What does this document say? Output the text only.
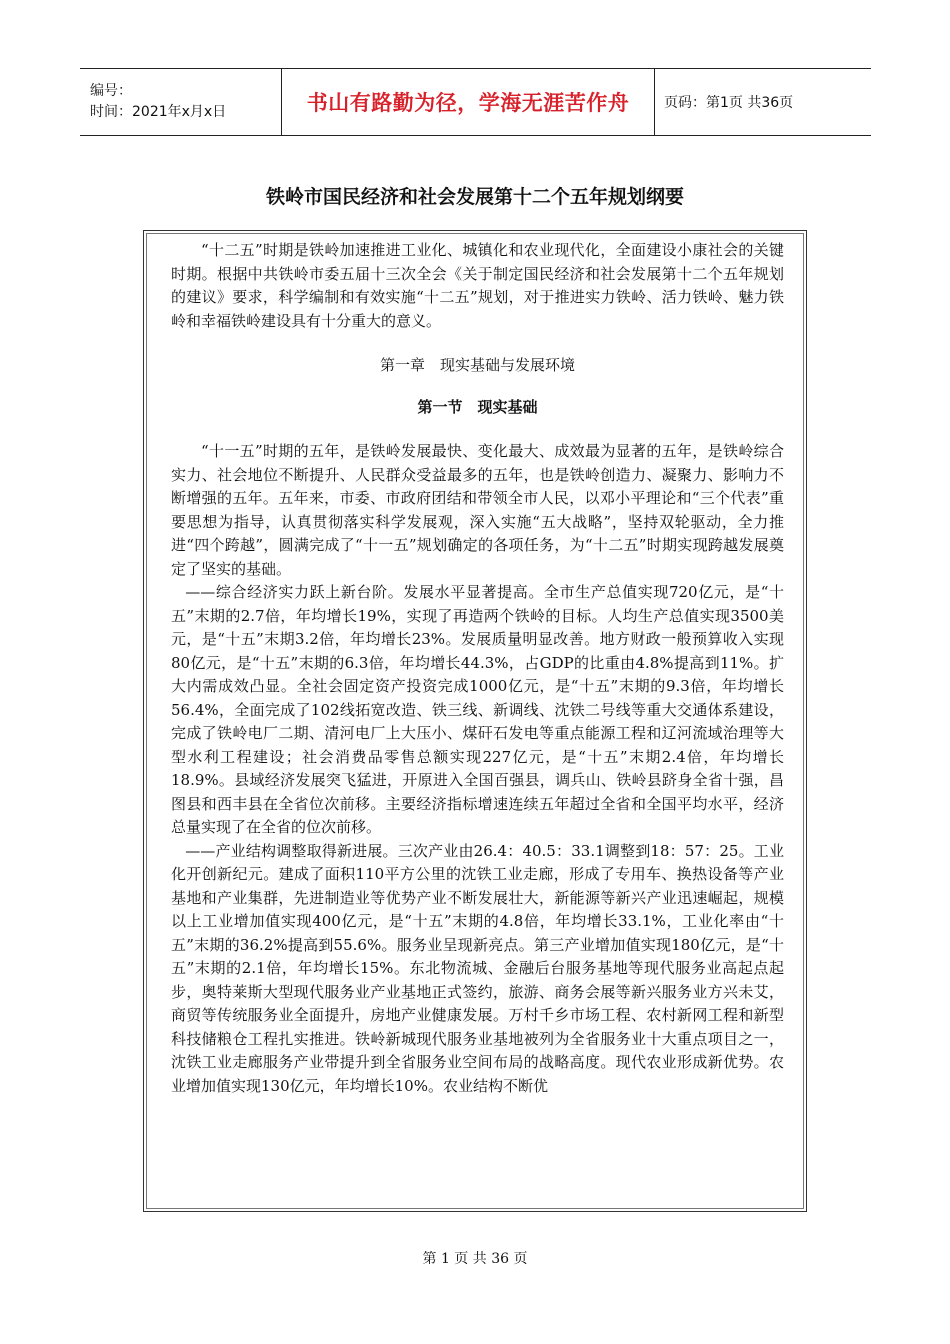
编号：
时间：2021年x月x日	书山有路勤为径，学海无涯苦作舟 页码：第1页 共36页
铁岭市国民经济和社会发展第十二个五年规划纲要

“十二五”时期是铁岭加速推进工业化、城镇化和农业现代化，全面建设小康社会的关键时期。根据中共铁岭市委五届十三次全会《关于制定国民经济和社会发展第十二个五年规划的建议》要求，科学编制和有效实施“十二五”规划，对于推进实力铁岭、活力铁岭、魅力铁岭和幸福铁岭建设具有十分重大的意义。

第一章　现实基础与发展环境
第一节　现实基础

“十一五”时期的五年，是铁岭发展最快、变化最大、成效最为显著的五年，是铁岭综合实力、社会地位不断提升、人民群众受益最多的五年，也是铁岭创造力、凝聚力、影响力不断增强的五年。五年来，市委、市政府团结和带领全市人民，以邓小平理论和“三个代表”重要思想为指导，认真贯彻落实科学发展观，深入实施“五大战略”，坚持双轮驱动，全力推进“四个跨越”，圆满完成了“十一五”规划确定的各项任务，为“十二五”时期实现跨越发展奠定了坚实的基础。

——综合经济实力跃上新台阶。发展水平显著提高。全市生产总值实现720亿元，是“十五”末期的2.7倍，年均增长19%，实现了再造两个铁岭的目标。人均生产总值实现3500美元，是“十五”末期3.2倍，年均增长23%。发展质量明显改善。地方财政一般预算收入实现80亿元，是“十五”末期的6.3倍，年均增长44.3%，占GDP的比重由4.8%提高到11%。扩大内需成效凸显。全社会固定资产投资完成1000亿元，是“十五”末期的9.3倍，年均增长56.4%，全面完成了102线拓宽改造、铁三线、新调线、沈铁二号线等重大交通体系建设，完成了铁岭电厂二期、清河电厂上大压小、煤矸石发电等重点能源工程和辽河流域治理等大型水利工程建设；社会消费品零售总额实现227亿元，是“十五”末期2.4倍，年均增长18.9%。县域经济发展突飞猛进，开原进入全国百强县，调兵山、铁岭县跻身全省十强，昌图县和西丰县在全省位次前移。主要经济指标增速连续五年超过全省和全国平均水平，经济总量实现了在全省的位次前移。

——产业结构调整取得新进展。三次产业由26.4：40.5：33.1调整到18：57：25。工业化开创新纪元。建成了面积110平方公里的沈铁工业走廊，形成了专用车、换热设备等产业基地和产业集群，先进制造业等优势产业不断发展壮大，新能源等新兴产业迅速崛起，规模以上工业增加值实现400亿元，是“十五”末期的4.8倍，年均增长33.1%，工业化率由“十五”末期的36.2%提高到55.6%。服务业呈现新亮点。第三产业增加值实现180亿元，是“十五”末期的2.1倍，年均增长15%。东北物流城、金融后台服务基地等现代服务业高起点起步，奥特莱斯大型现代服务业产业基地正式签约，旅游、商务会展等新兴服务业方兴未艾，商贸等传统服务业全面提升，房地产业健康发展。万村千乡市场工程、农村新网工程和新型科技储粮仓工程扎实推进。铁岭新城现代服务业基地被列为全省服务业十大重点项目之一，沈铁工业走廊服务产业带提升到全省服务业空间布局的战略高度。现代农业形成新优势。农业增加值实现130亿元，年均增长10%。农业结构不断优

第 1 页 共 36 页
